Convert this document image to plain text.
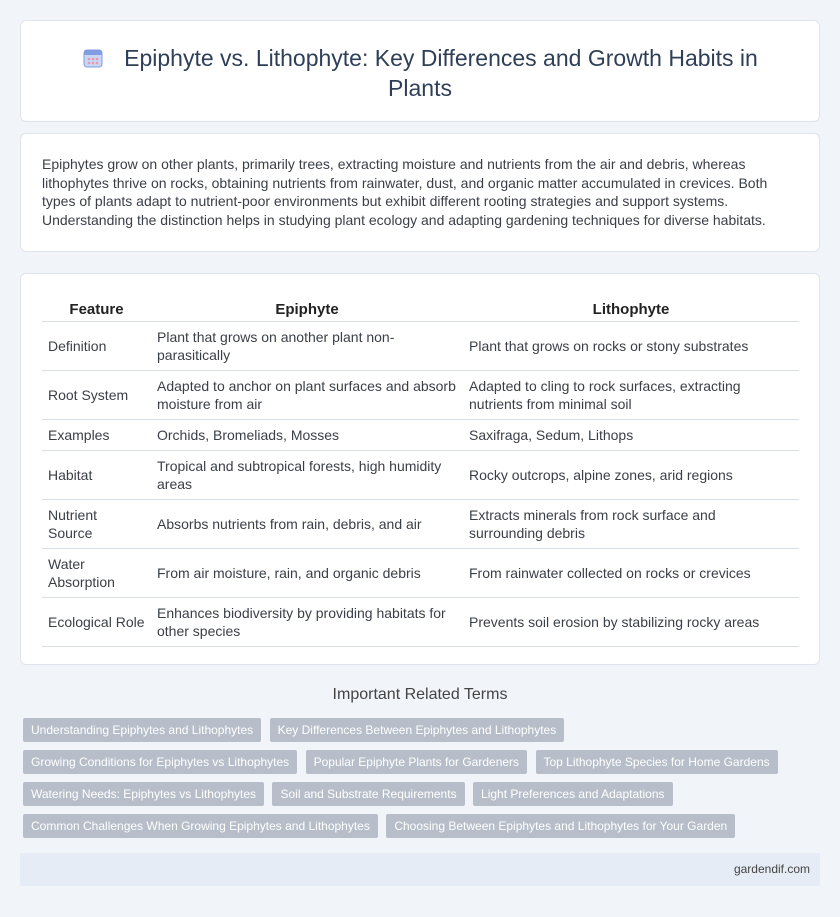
Epiphyte vs. Lithophyte: Key Differences and Growth Habits in Plants

Epiphytes grow on other plants, primarily trees, extracting moisture and nutrients from the air and debris, whereas lithophytes thrive on rocks, obtaining nutrients from rainwater, dust, and organic matter accumulated in crevices. Both types of plants adapt to nutrient-poor environments but exhibit different rooting strategies and support systems. Understanding the distinction helps in studying plant ecology and adapting gardening techniques for diverse habitats.

Feature	Epiphyte	Lithophyte
Definition	Plant that grows on another plant non-parasitically	Plant that grows on rocks or stony substrates
Root System	Adapted to anchor on plant surfaces and absorb moisture from air	Adapted to cling to rock surfaces, extracting nutrients from minimal soil
Examples	Orchids, Bromeliads, Mosses	Saxifraga, Sedum, Lithops
Habitat	Tropical and subtropical forests, high humidity areas	Rocky outcrops, alpine zones, arid regions
Nutrient Source	Absorbs nutrients from rain, debris, and air	Extracts minerals from rock surface and surrounding debris
Water Absorption	From air moisture, rain, and organic debris	From rainwater collected on rocks or crevices
Ecological Role	Enhances biodiversity by providing habitats for other species	Prevents soil erosion by stabilizing rocky areas
Important Related Terms
Understanding Epiphytes and Lithophytes Key Differences Between Epiphytes and Lithophytes
Growing Conditions for Epiphytes vs Lithophytes Popular Epiphyte Plants for Gardeners Top Lithophyte Species for Home Gardens
Watering Needs: Epiphytes vs Lithophytes Soil and Substrate Requirements Light Preferences and Adaptations
Common Challenges When Growing Epiphytes and Lithophytes Choosing Between Epiphytes and Lithophytes for Your Garden
gardendif.com
